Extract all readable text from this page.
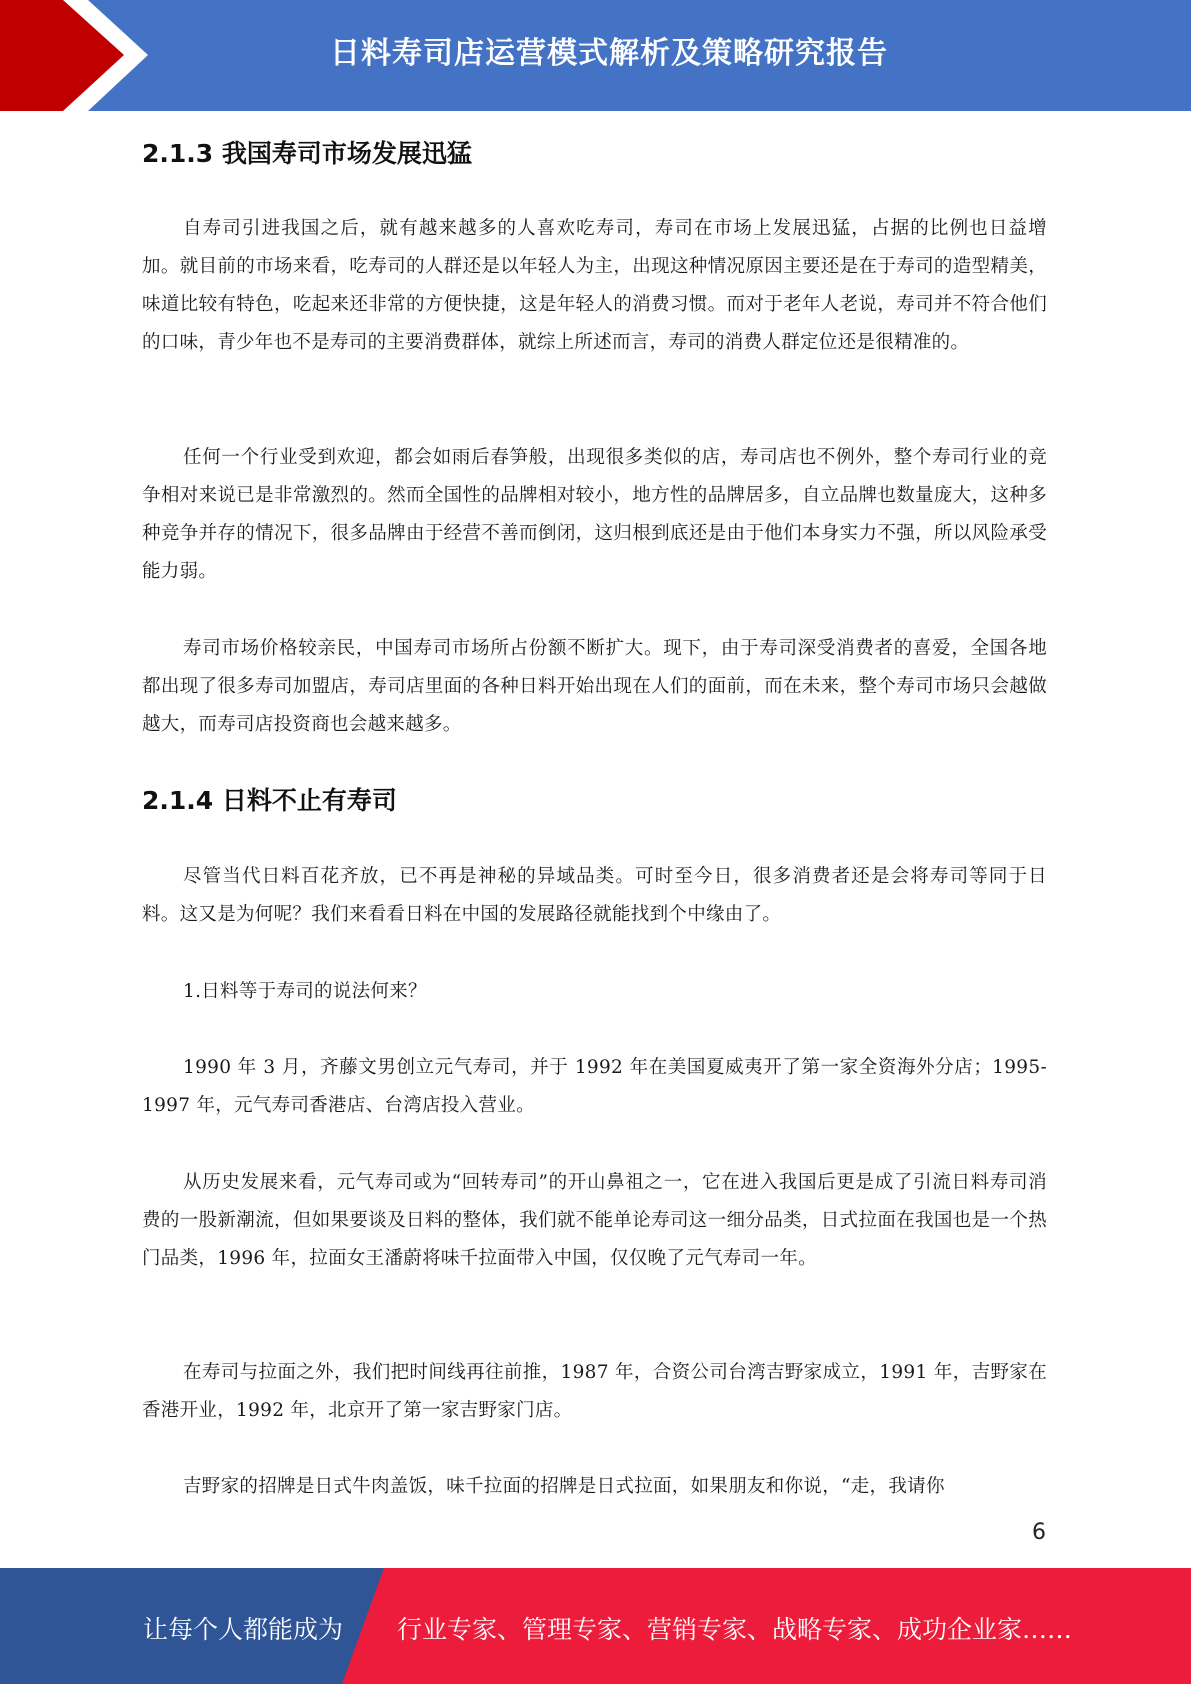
日料寿司店运营模式解析及策略研究报告
2.1.3 我国寿司市场发展迅猛

自寿司引进我国之后，就有越来越多的人喜欢吃寿司，寿司在市场上发展迅猛，占据的比例也日益增加。就目前的市场来看，吃寿司的人群还是以年轻人为主，出现这种情况原因主要还是在于寿司的造型精美，味道比较有特色，吃起来还非常的方便快捷，这是年轻人的消费习惯。而对于老年人老说，寿司并不符合他们的口味，青少年也不是寿司的主要消费群体，就综上所述而言，寿司的消费人群定位还是很精准的。

任何一个行业受到欢迎，都会如雨后春笋般，出现很多类似的店，寿司店也不例外，整个寿司行业的竞争相对来说已是非常激烈的。然而全国性的品牌相对较小，地方性的品牌居多，自立品牌也数量庞大，这种多种竞争并存的情况下，很多品牌由于经营不善而倒闭，这归根到底还是由于他们本身实力不强，所以风险承受能力弱。

寿司市场价格较亲民，中国寿司市场所占份额不断扩大。现下，由于寿司深受消费者的喜爱，全国各地都出现了很多寿司加盟店，寿司店里面的各种日料开始出现在人们的面前，而在未来，整个寿司市场只会越做越大，而寿司店投资商也会越来越多。

2.1.4 日料不止有寿司

尽管当代日料百花齐放，已不再是神秘的异域品类。可时至今日，很多消费者还是会将寿司等同于日料。这又是为何呢？我们来看看日料在中国的发展路径就能找到个中缘由了。

1.日料等于寿司的说法何来？

1990 年 3 月，齐藤文男创立元气寿司，并于 1992 年在美国夏威夷开了第一家全资海外分店；1995-1997 年，元气寿司香港店、台湾店投入营业。

从历史发展来看，元气寿司或为“回转寿司”的开山鼻祖之一，它在进入我国后更是成了引流日料寿司消费的一股新潮流，但如果要谈及日料的整体，我们就不能单论寿司这一细分品类，日式拉面在我国也是一个热门品类，1996 年，拉面女王潘蔚将味千拉面带入中国，仅仅晚了元气寿司一年。

在寿司与拉面之外，我们把时间线再往前推，1987 年，合资公司台湾吉野家成立，1991 年，吉野家在香港开业，1992 年，北京开了第一家吉野家门店。

吉野家的招牌是日式牛肉盖饭，味千拉面的招牌是日式拉面，如果朋友和你说，“走，我请你

6
让每个人都能成为 行业专家、管理专家、营销专家、战略专家、成功企业家……
